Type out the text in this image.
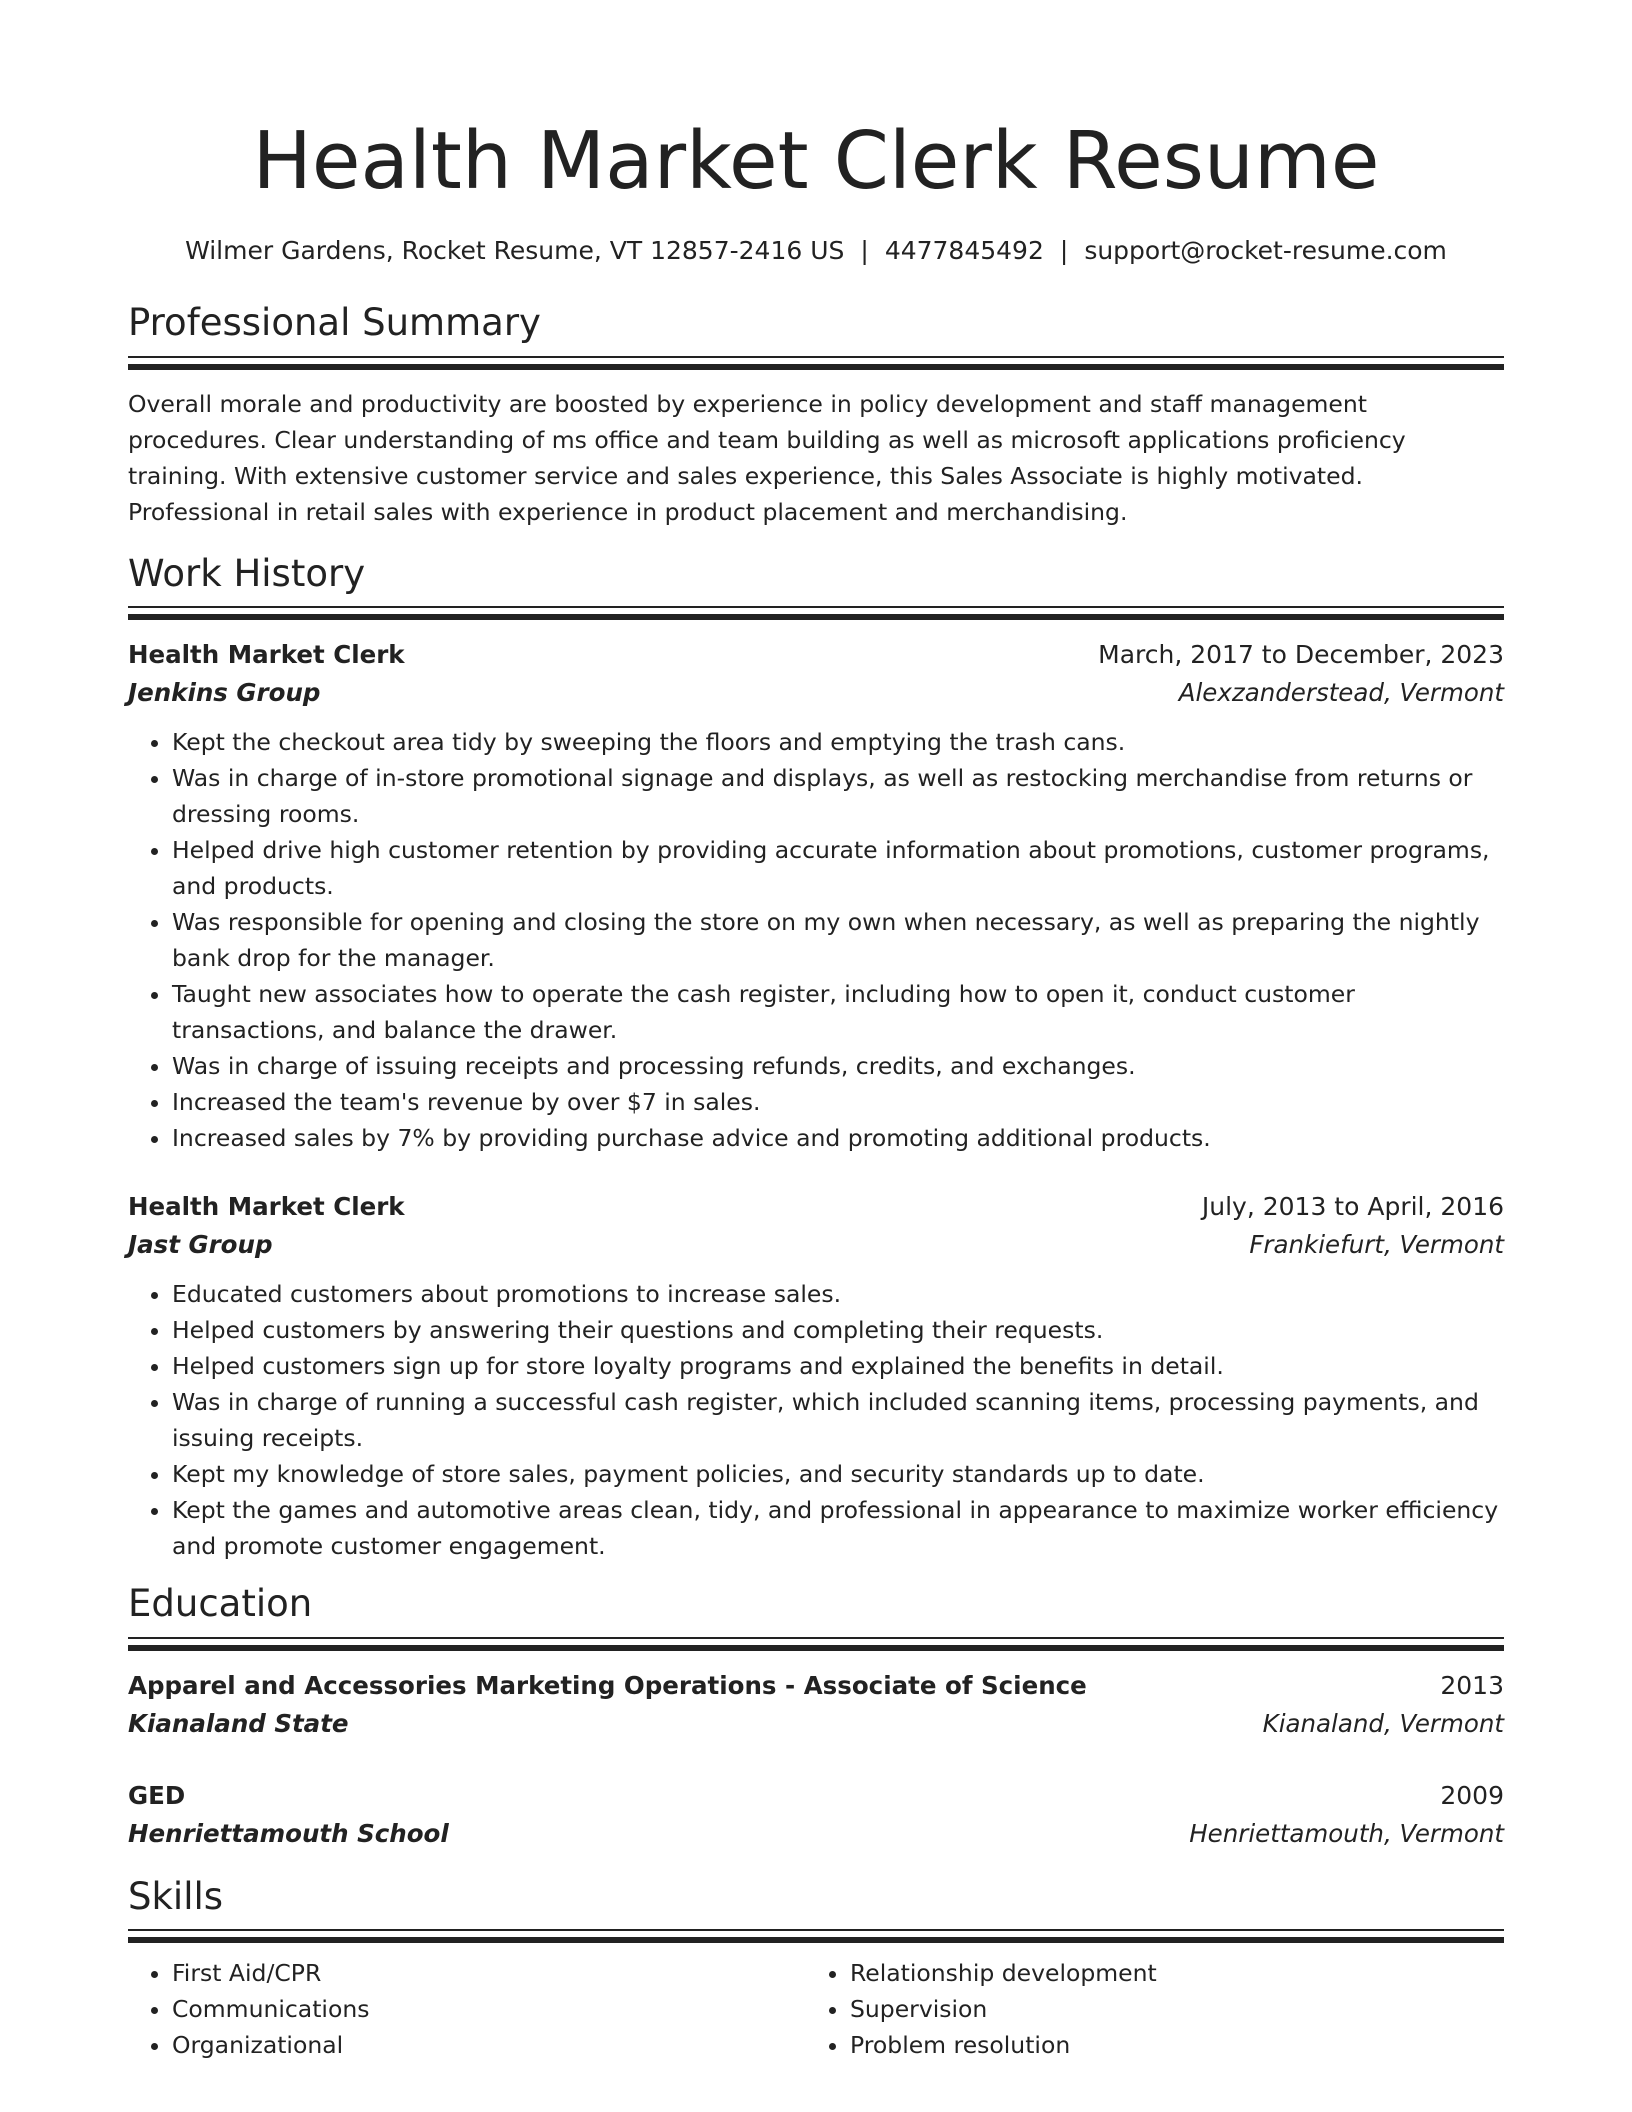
Health Market Clerk Resume
Wilmer Gardens, Rocket Resume, VT 12857-2416 US | 4477845492 | support@rocket-resume.com
Professional Summary
Overall morale and productivity are boosted by experience in policy development and staff management procedures. Clear understanding of ms office and team building as well as microsoft applications proficiency training. With extensive customer service and sales experience, this Sales Associate is highly motivated. Professional in retail sales with experience in product placement and merchandising.
Work History
Health Market Clerk	March, 2017 to December, 2023
Jenkins Group	Alexzanderstead, Vermont
• Kept the checkout area tidy by sweeping the floors and emptying the trash cans.
• Was in charge of in-store promotional signage and displays, as well as restocking merchandise from returns or dressing rooms.
• Helped drive high customer retention by providing accurate information about promotions, customer programs, and products.
• Was responsible for opening and closing the store on my own when necessary, as well as preparing the nightly bank drop for the manager.
• Taught new associates how to operate the cash register, including how to open it, conduct customer transactions, and balance the drawer.
• Was in charge of issuing receipts and processing refunds, credits, and exchanges.
• Increased the team's revenue by over $7 in sales.
• Increased sales by 7% by providing purchase advice and promoting additional products.
Health Market Clerk	July, 2013 to April, 2016
Jast Group	Frankiefurt, Vermont
• Educated customers about promotions to increase sales.
• Helped customers by answering their questions and completing their requests.
• Helped customers sign up for store loyalty programs and explained the benefits in detail.
• Was in charge of running a successful cash register, which included scanning items, processing payments, and issuing receipts.
• Kept my knowledge of store sales, payment policies, and security standards up to date.
• Kept the games and automotive areas clean, tidy, and professional in appearance to maximize worker efficiency and promote customer engagement.
Education
Apparel and Accessories Marketing Operations - Associate of Science	2013
Kianaland State	Kianaland, Vermont
GED	2009
Henriettamouth School	Henriettamouth, Vermont
Skills
• First Aid/CPR
• Communications
• Organizational
• Relationship development
• Supervision
• Problem resolution
